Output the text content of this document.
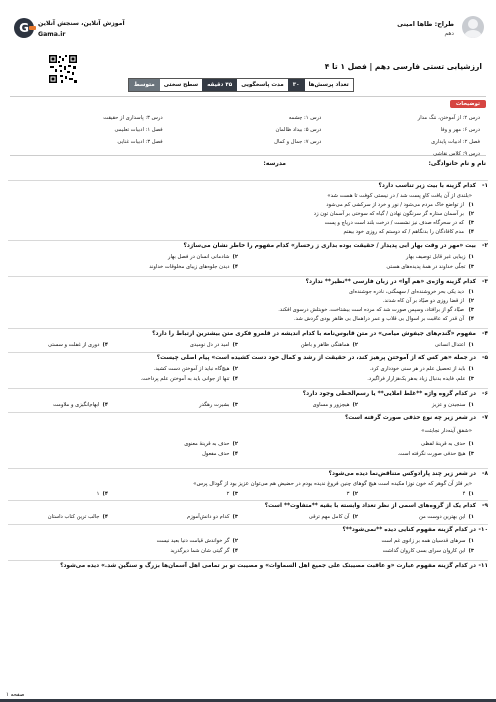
G	آموزش آنلاین، سنجش آنلاین
Gama.ir
طراح: طاها امینی
دهم
ارزشیابی تستی فارسی دهم | فصل ۱ تا ۴
تعداد پرسش‌ها
۳۰
مدت پاسخگویی
۴۵ دقیقه
سطح سختی
متوسط
توضیحات
درس ۲: از آموختن، ننگ مدار
درس ۱: چشمه
درس ۳: پاسداری از حقیقت
درس ۶: مهر و وفا
درس ۵: بیداد ظالمان
فصل ۱: ادبیات تعلیمی
فصل ۲: ادبیات پایداری
درس ۷: جمال و کمال
فصل ۳: ادبیات غنایی
درس ۹: کلاس نقاشی
نام و نام خانوادگی:
مدرسه:
۱-
کدام گزینه با بیت زیر تناسب دارد؟
«بلندی از آن یافت کاو پست شد / در نیستی کوفت تا هست شد»
۱)
از تواضع خاک مردم می‌شود / نور و خرد از سرکشی کم می‌شود
۲)
بر آسمان ستاره گر سرنگون نهادن / گیاه که سوختی بر آسمان تون زد
۳)
که در سحرگاه صدف نیز نشست / درخت بلند است دریاچ و پست
۴)
مدم کافادگان را بدنگاهم / که دوستم که روزی خود بیفتم
۲-
بیت «مهر در وقت بهار ابی پدیدار / حقیقت بوده بداری ز رخسار» کدام مفهوم را خاطر نشان می‌سازد؟
۱)زیبایی غیر قابل توصیف بهار
۲)شادمانی انسان در فصل بهار
۳)تجلّی خداوند در همهٔ پدیده‌های هستی
۴)دیدن جلوه‌های زیبای مخلوقات خداوند
۳-
کدام گزینه واژه‌ی «هم آوا» در زبان فارسی **نظیر** ندارد؟
۱)
دید یکی بحر خروشنده‌ای / سهمگنی، نادره جوشنده‌ای
۲)
از قضا روزی دو صیّاد بر آن کاه شدند.
۳)
صیّاد گو از برافتاد، وسپس صورت شد که مرده است بیشتاخت، خوبتلش درسوی افکند.
۴)
آن قدر که عاقبت بر اسوال بی قلاب و عمر دراهمال بی ظاهر بودی گردش شد.
۴-
مفهوم «گندم‌های جیفوش میامی» در متن قابوس‌نامه با کدام اندیشه در قلمرو فکری متن بیشترین ارتباط را دارد؟
۱)اعتدال انسانی
۲)هماهنگی ظاهر و باطن
۳)امید در دل نومیدی
۴)دوری از غفلت و سستی
۵-
در جمله «هر کس که از آموختن پرهیز کند، در حقیقت از رشد و کمال خود دست کشیده است» پیام اصلی چیست؟
۱)باید از تحصیل علم در هر سنی خودداری کرد.
۲)هیچ‌گاه نباید از آموختن دست کشید.
۳)علم، فایده بدنبال زیاد به‌هر یک‌هزارار فراگیرد.
۴)تنها از جوانی باید به آموختن علم پرداخت.
۶-
در کدام گروه واژه **غلط املایی** یا رسم‌الخطی وجود دارد؟
۱)سنجیدن و عزیز
۲)هیچزور و مساوی
۳)بشیرت رهگذر
۴)ابهام‌انگیزی و ملاومت
۷-
در شعر زیر چه نوع حذفی صورت گرفته است؟
«شفق آینه‌دار نجابتت»
۱)حذف به قرینهٔ لفظی
۲)حذف به قرینهٔ معنوی
۳)هیچ حذفی صورت نگرفته است.
۴)حذف مفعول
۸-
در شعر زیر چند پارادوکس متناقض‌نما دیده می‌شود؟
«بر فلز آن گوهر که خون نوزا مکیده است هیچ گوهای چنین فروغ ندیده بودم در حضیض هم می‌توان عزیز بود از گودال پرس»
۱)۴
۲)۳
۳)۲
۴)۱
۹-
کدام یک از گروه‌های اسمی از نظر تعداد وابسته با بقیه **متفاوت** است؟
۱)این بهترین دوست من
۲)آن کامل مهم ترقی
۳)کدام دو دانش‌آموزم
۴)جالب ترین کتاب داستان
۱۰-
در کدام گزینه مفهوم کنایی دیده **نمی‌شود**؟
۱)سرهای قدسیان همه بر زانوی غم است
۲)گر خواندش قیامت دنیا بعید نیست
۳)این کاروان سرای بسی کاروان گذاشت
۴)گر گیتی شان شما دیرگذرید
۱۱-
در کدام گزینه مفهوم عبارت «و عاقبت مصیبتک علی جمیع اهل السماوات» و مصیبت تو بر تمامی اهل آسمان‌ها بزرگ و سنگین شد.» دیده می‌شود؟
صفحه ۱
